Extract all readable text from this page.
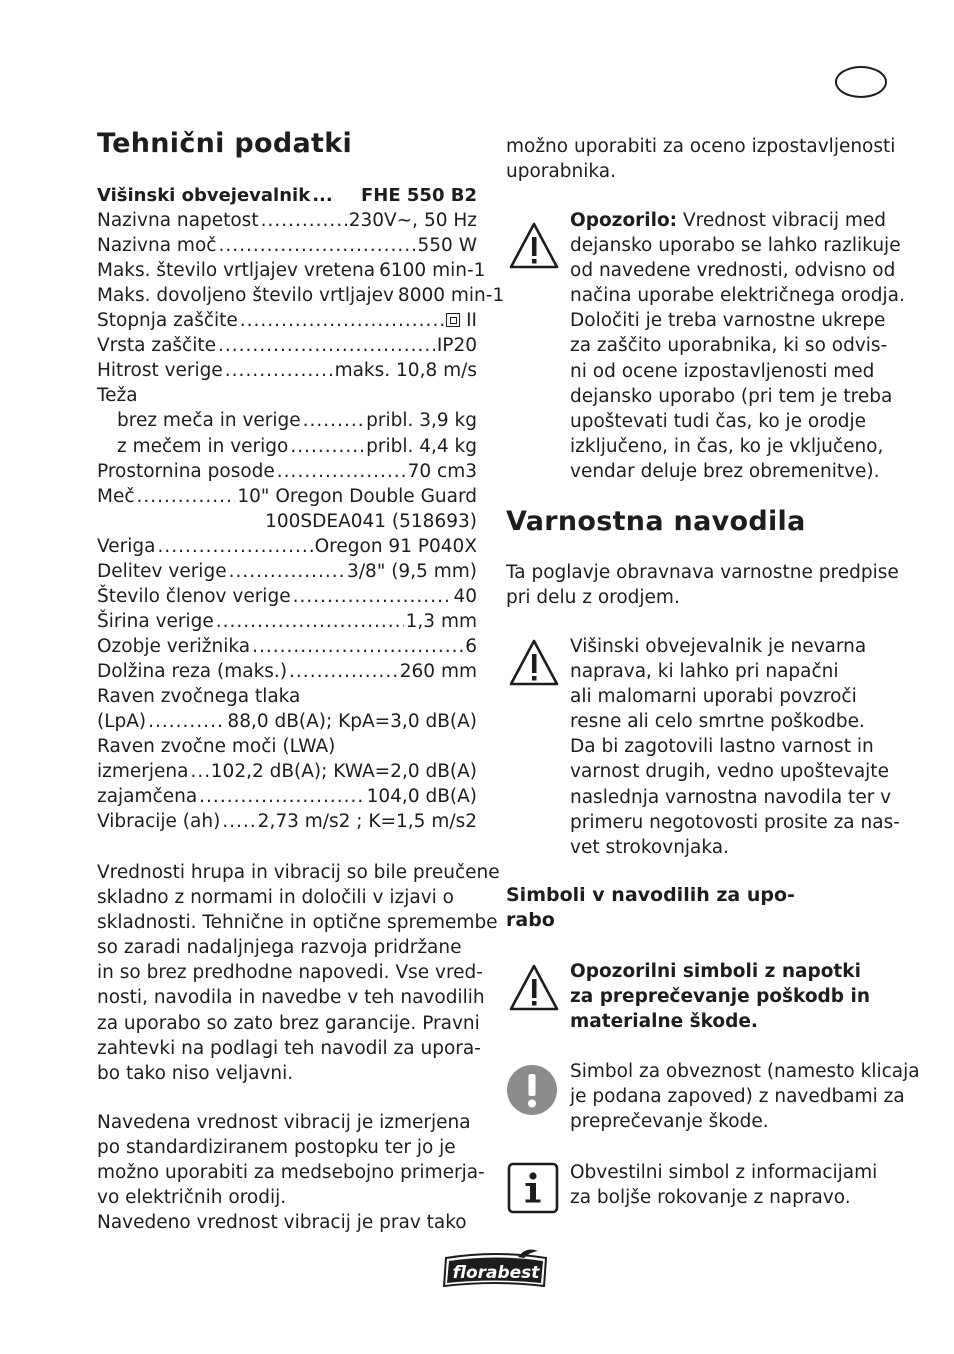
Tehnični podatki
Višinski obvejevalnik ... FHE 550 B2
Nazivna napetost .....	230V~, 50 Hz
Nazivna moč .....	550 W
Maks. število vrtljajev vretena 6100 min-1
Maks. dovoljeno število vrtljajev 8000 min-1
Stopnja zaščite .....	II
Vrsta zaščite .....	IP20
Hitrost verige .....	maks. 10,8 m/s
Teža
brez meča in verige .....	pribl. 3,9 kg
z mečem in verigo .....	pribl. 4,4 kg
Prostornina posode .....	70 cm3
Meč .....	10" Oregon Double Guard
100SDEA041 (518693)
Veriga .....	Oregon 91 P040X
Delitev verige .....	3/8" (9,5 mm)
Število členov verige .....	40
Širina verige .....	1,3 mm
Ozobje verižnika .....	6
Dolžina reza (maks.) .....	260 mm
Raven zvočnega tlaka
(LpA) .....	88,0 dB(A); KpA=3,0 dB(A)
Raven zvočne moči (LWA)
izmerjena ..... 102,2 dB(A); KWA=2,0 dB(A)
zajamčena .....	104,0 dB(A)
Vibracije (ah) ..... 2,73 m/s2 ; K=1,5 m/s2
Vrednosti hrupa in vibracij so bile preučene
skladno z normami in določili v izjavi o
skladnosti. Tehnične in optične spremembe
so zaradi nadaljnjega razvoja pridržane
in so brez predhodne napovedi. Vse vred-
nosti, navodila in navedbe v teh navodilih
za uporabo so zato brez garancije. Pravni
zahtevki na podlagi teh navodil za upora-
bo tako niso veljavni.
Navedena vrednost vibracij je izmerjena
po standardiziranem postopku ter jo je
možno uporabiti za medsebojno primerja-
vo električnih orodij.
Navedeno vrednost vibracij je prav tako
možno uporabiti za oceno izpostavljenosti
uporabnika.
Opozorilo: Vrednost vibracij med
dejansko uporabo se lahko razlikuje
od navedene vrednosti, odvisno od
načina uporabe električnega orodja.
Določiti je treba varnostne ukrepe
za zaščito uporabnika, ki so odvis-
ni od ocene izpostavljenosti med
dejansko uporabo (pri tem je treba
upoštevati tudi čas, ko je orodje
izključeno, in čas, ko je vključeno,
vendar deluje brez obremenitve).
Varnostna navodila
Ta poglavje obravnava varnostne predpise
pri delu z orodjem.
Višinski obvejevalnik je nevarna
naprava, ki lahko pri napačni
ali malomarni uporabi povzroči
resne ali celo smrtne poškodbe.
Da bi zagotovili lastno varnost in
varnost drugih, vedno upoštevajte
naslednja varnostna navodila ter v
primeru negotovosti prosite za nas-
vet strokovnjaka.
Simboli v navodilih za upo-
rabo
Opozorilni simboli z napotki
za preprečevanje poškodb in
materialne škode.
Simbol za obveznost (namesto klicaja
je podana zapoved) z navedbami za
preprečevanje škode.
Obvestilni simbol z informacijami
za boljše rokovanje z napravo.
florabest
